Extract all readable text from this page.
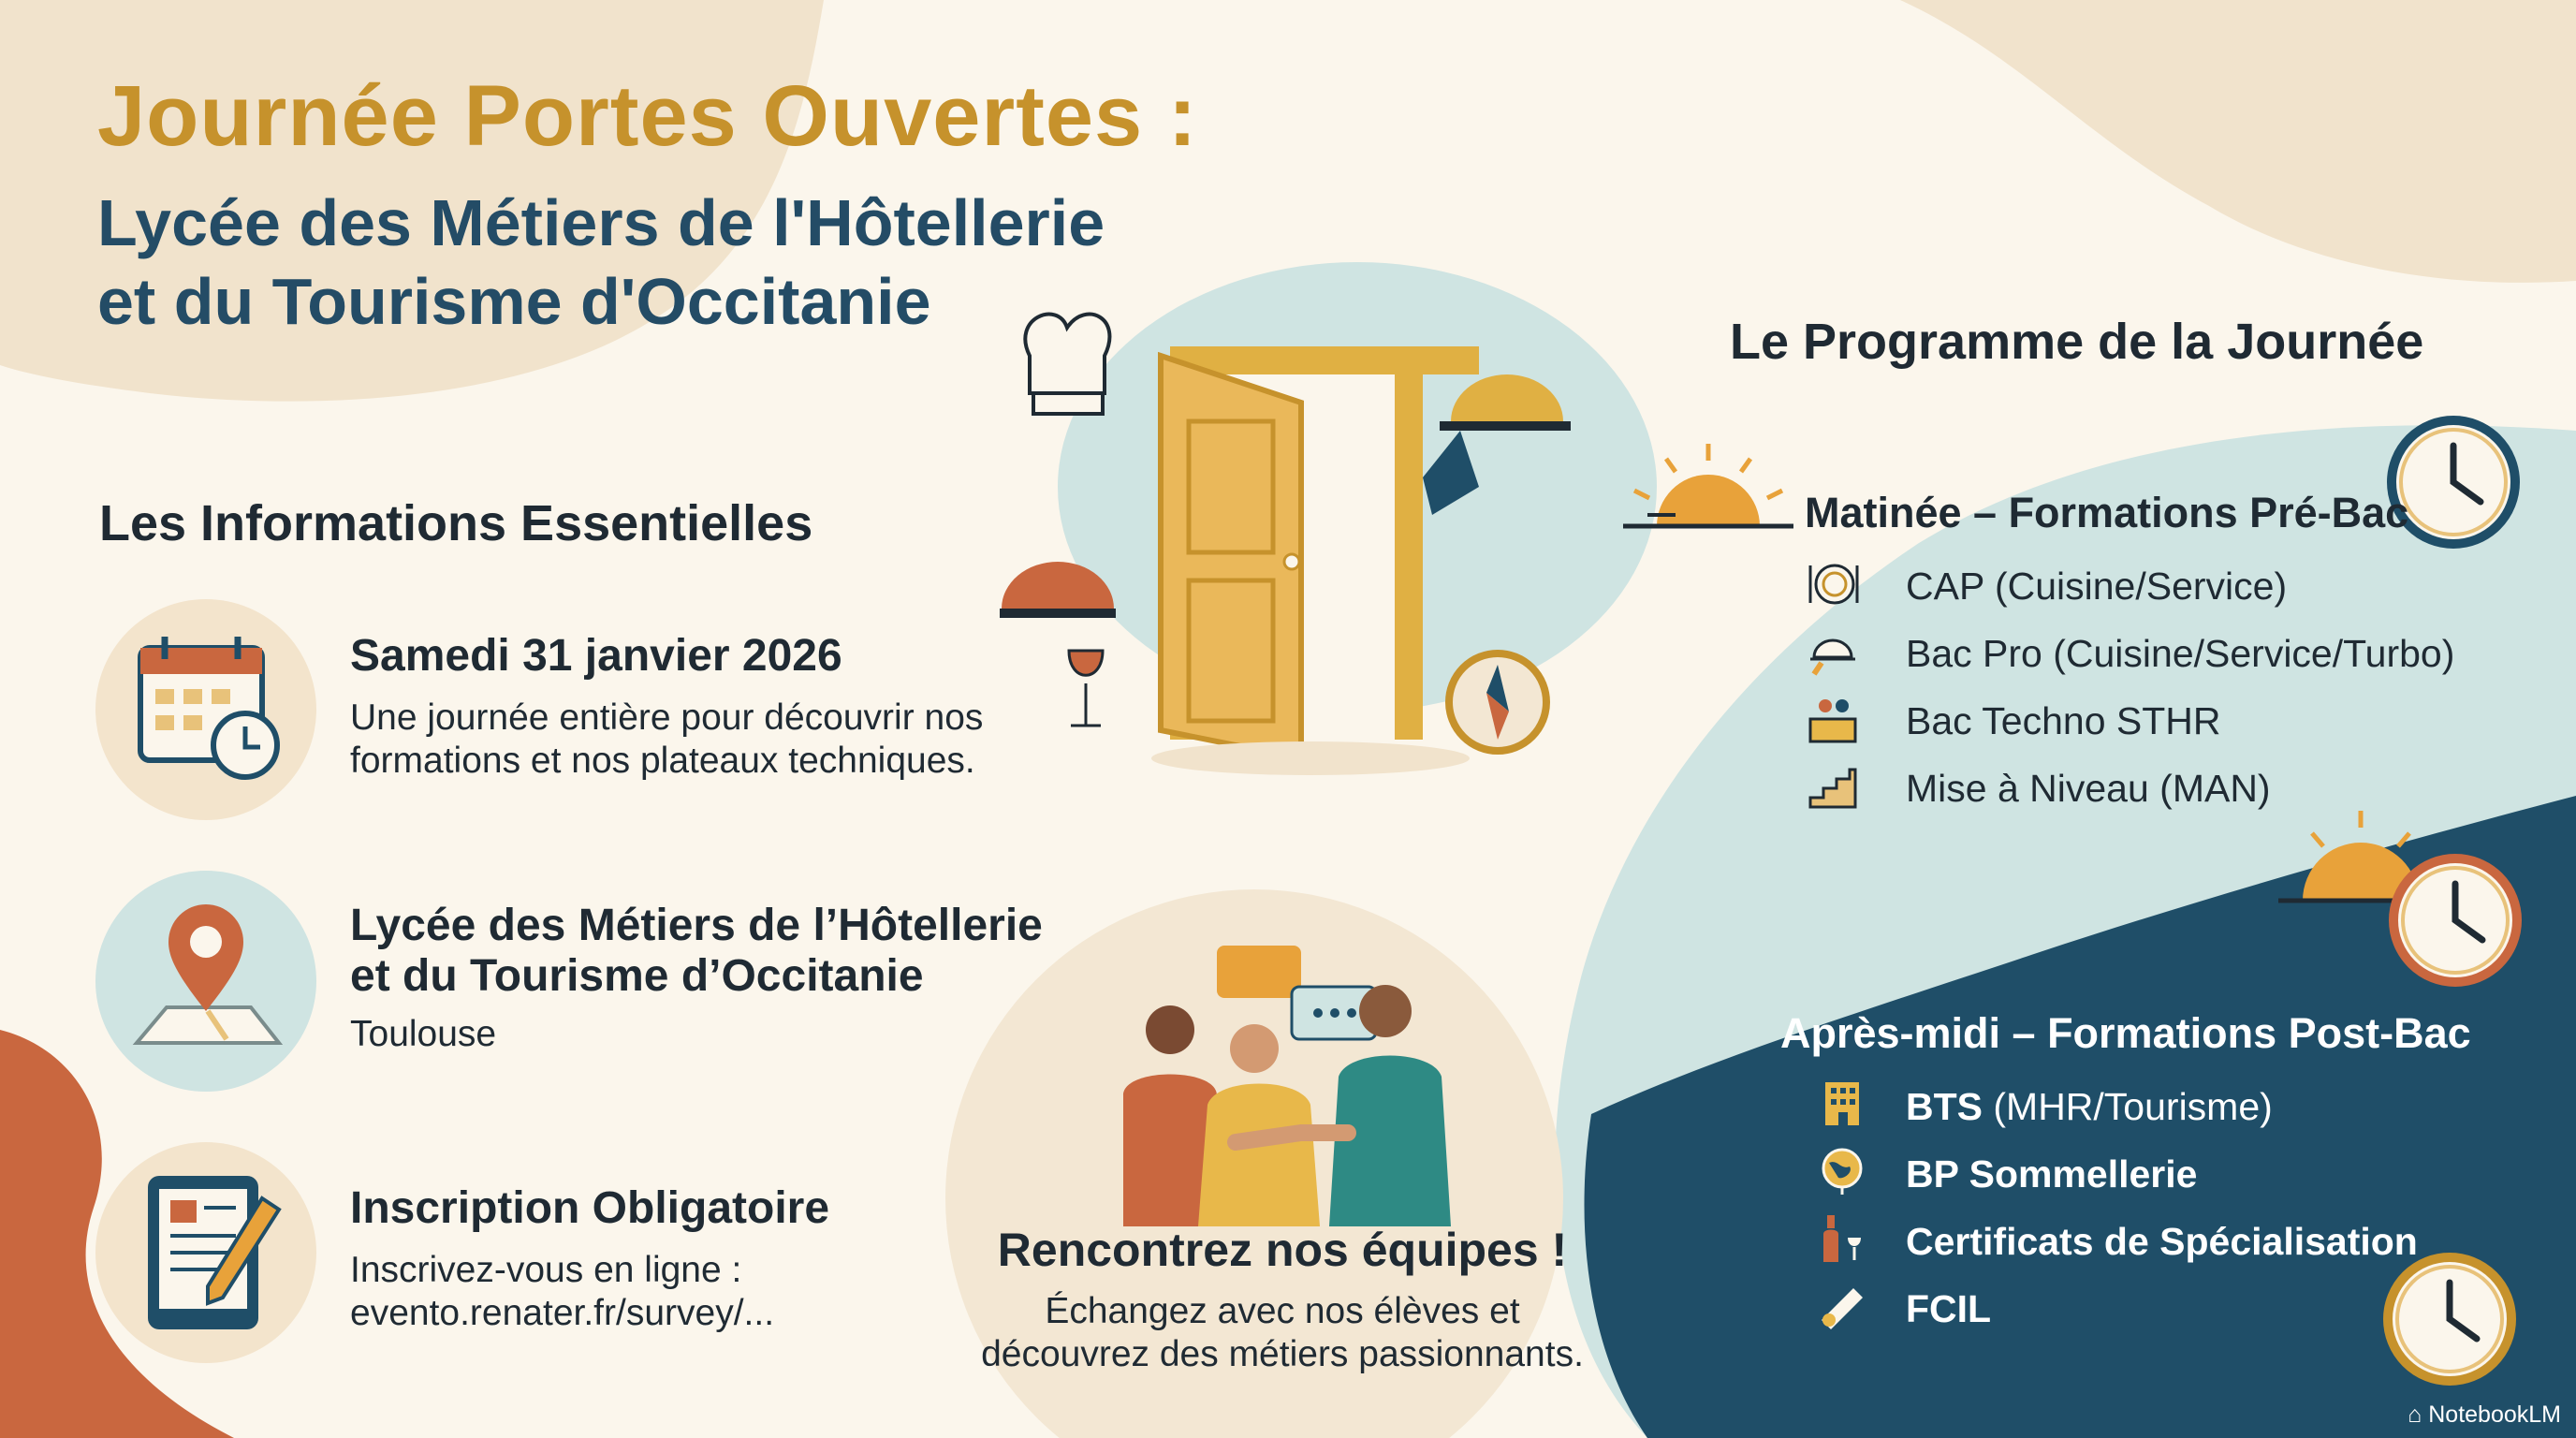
Journée Portes Ouvertes :
Lycée des Métiers de l'Hôtellerie
et du Tourisme d'Occitanie
Les Informations Essentielles
Samedi 31 janvier 2026
Une journée entière pour découvrir nos
formations et nos plateaux techniques.
Lycée des Métiers de l’Hôtellerie
et du Tourisme d’Occitanie
Toulouse
Inscription Obligatoire
Inscrivez-vous en ligne :
evento.renater.fr/survey/...
Rencontrez nos équipes !
Échangez avec nos élèves et
découvrez des métiers passionnants.
Le Programme de la Journée
Matinée – Formations Pré-Bac
CAP (Cuisine/Service)
Bac Pro (Cuisine/Service/Turbo)
Bac Techno STHR
Mise à Niveau (MAN)
Après-midi – Formations Post-Bac
BTS (MHR/Tourisme)
BP Sommellerie
Certificats de Spécialisation
FCIL
⌂ NotebookLM
